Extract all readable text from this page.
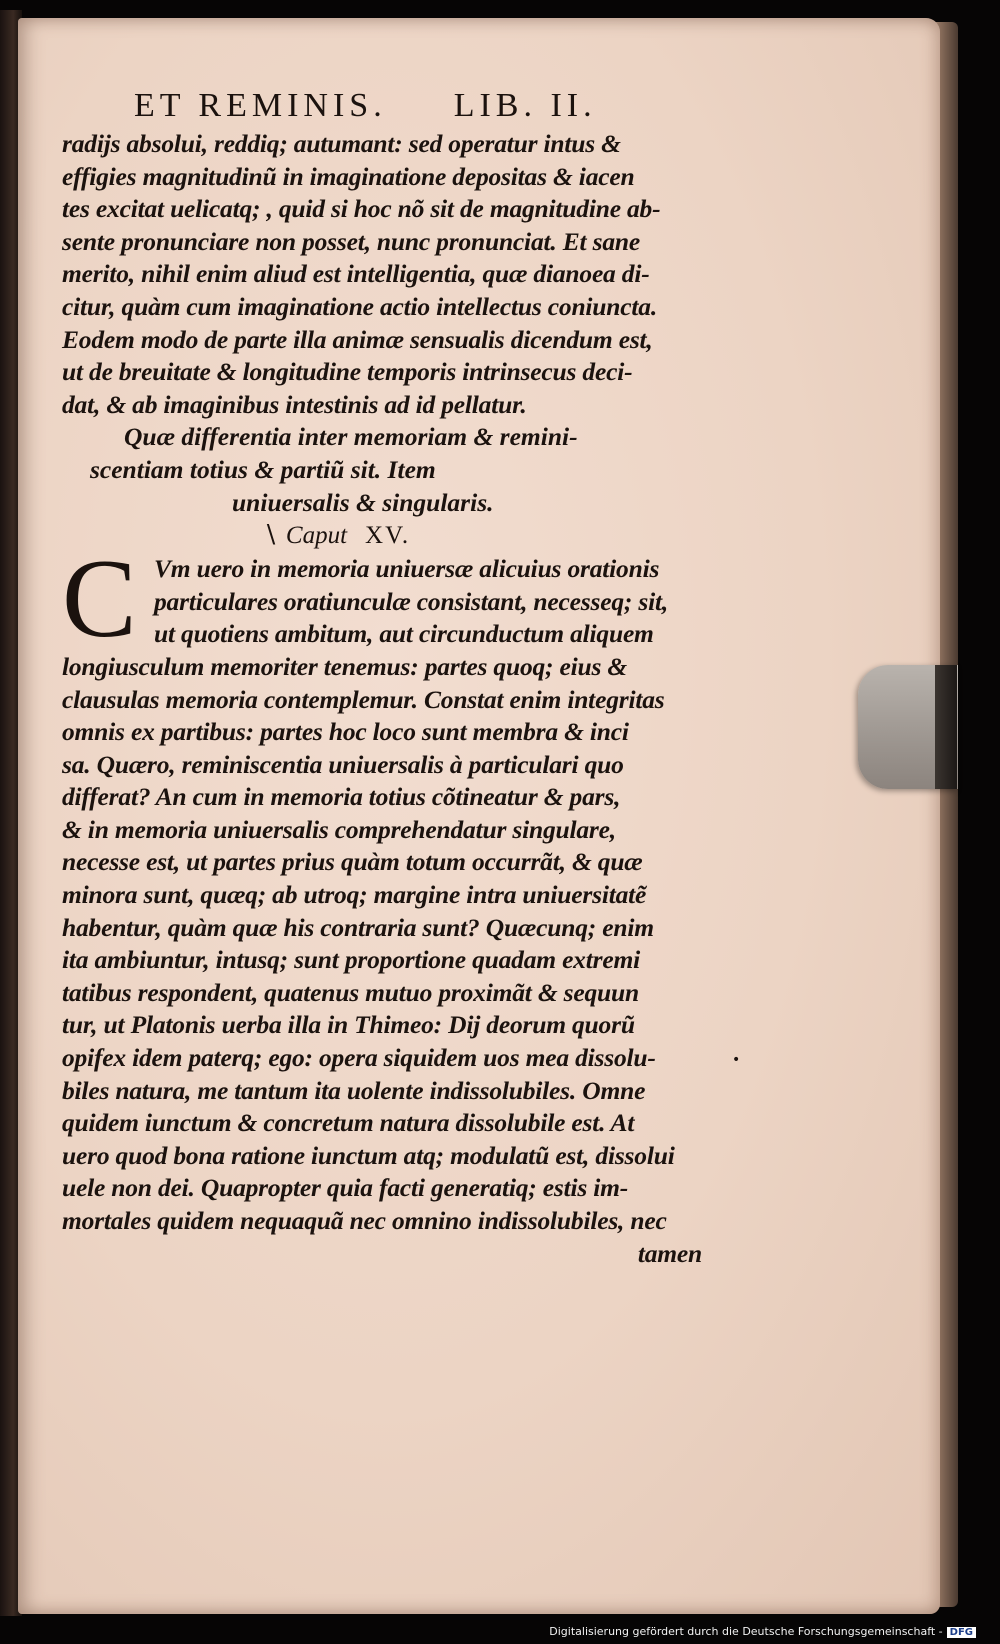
ET REMINIS. LIB. II.
radijs absolui, reddiq; autumant: sed operatur intus &
effigies magnitudinũ in imaginatione depositas & iacen
tes excitat uelicatq; , quid si hoc nõ sit de magnitudine ab-
sente pronunciare non posset, nunc pronunciat. Et sane
merito, nihil enim aliud est intelligentia, quæ dianoea di-
citur, quàm cum imaginatione actio intellectus coniuncta.
Eodem modo de parte illa animæ sensualis dicendum est,
ut de breuitate & longitudine temporis intrinsecus deci-
dat, & ab imaginibus intestinis ad id pellatur.
Quæ differentia inter memoriam & remini-
scentiam totius & partiũ sit. Item
uniuersalis & singularis.
∖ Caput XV.
C Vm uero in memoria uniuersæ alicuius orationis
particulares oratiunculæ consistant, necesseq; sit,
ut quotiens ambitum, aut circunductum aliquem
longiusculum memoriter tenemus: partes quoq; eius &
clausulas memoria contemplemur. Constat enim integritas
omnis ex partibus: partes hoc loco sunt membra & inci
sa. Quæro, reminiscentia uniuersalis à particulari quo
differat? An cum in memoria totius cõtineatur & pars,
& in memoria uniuersalis comprehendatur singulare,
necesse est, ut partes prius quàm totum occurrãt, & quæ
minora sunt, quæq; ab utroq; margine intra uniuersitatẽ
habentur, quàm quæ his contraria sunt? Quæcunq; enim
ita ambiuntur, intusq; sunt proportione quadam extremi
tatibus respondent, quatenus mutuo proximãt & sequun
tur, ut Platonis uerba illa in Thimeo: Dij deorum quorũ
opifex idem paterq; ego: opera siquidem uos mea dissolu-
biles natura, me tantum ita uolente indissolubiles. Omne
quidem iunctum & concretum natura dissolubile est. At
uero quod bona ratione iunctum atq; modulatũ est, dissolui
uele non dei. Quapropter quia facti generatiq; estis im-
mortales quidem nequaquã nec omnino indissolubiles, nec
tamen
•
Digitalisierung gefördert durch die Deutsche Forschungsgemeinschaft - DFG
